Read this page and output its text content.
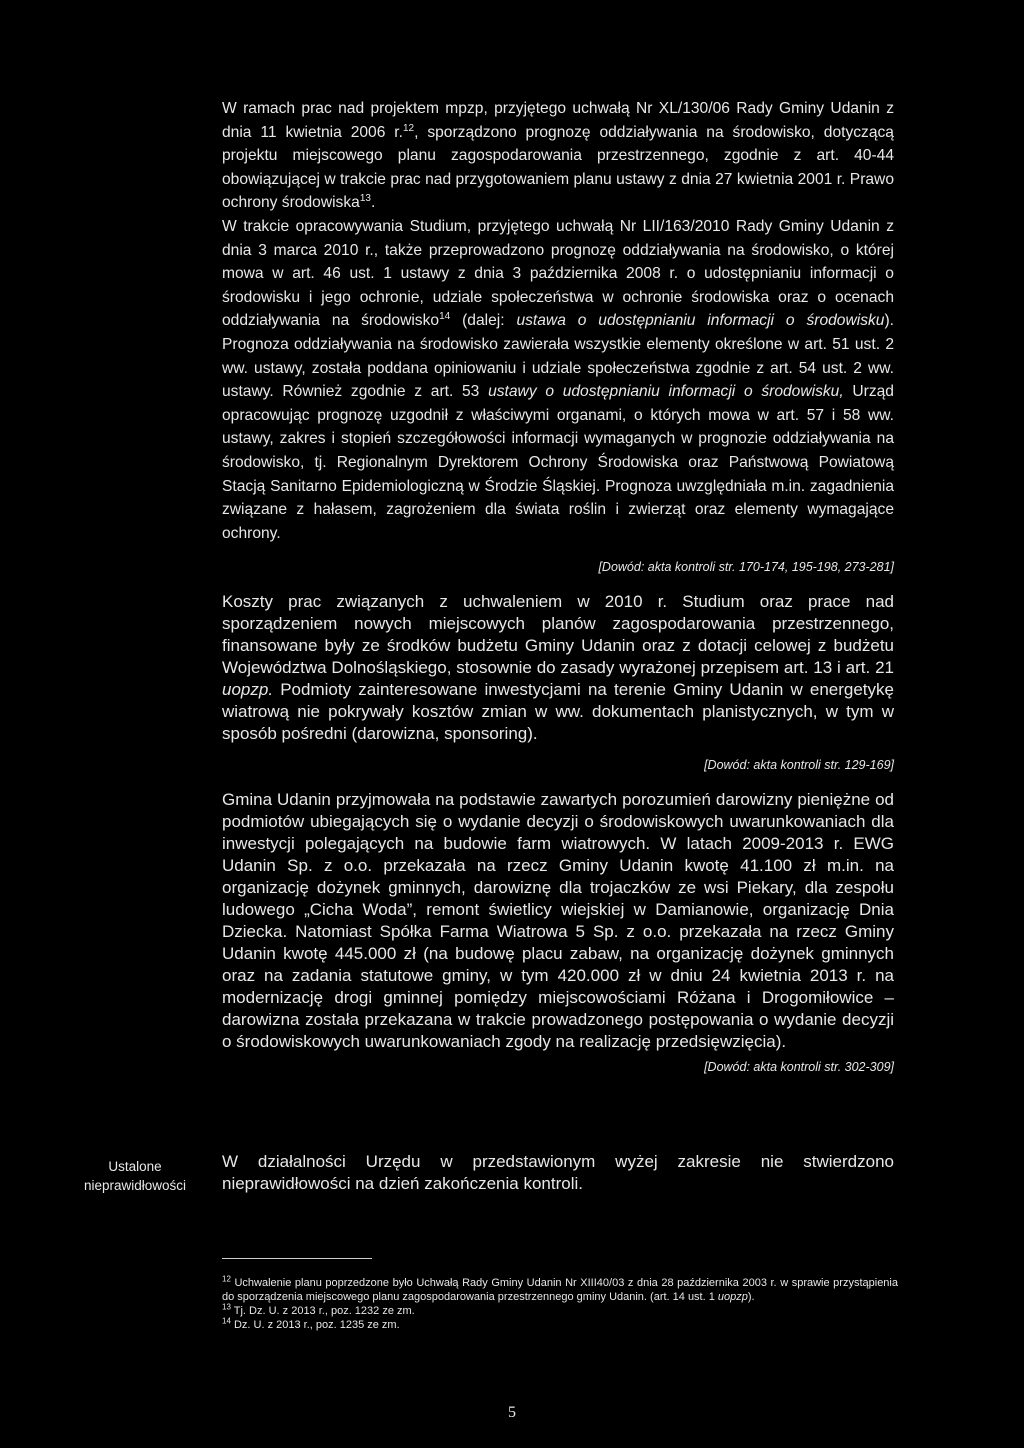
W ramach prac nad projektem mpzp, przyjętego uchwałą Nr XL/130/06 Rady Gminy Udanin z dnia 11 kwietnia 2006 r.$^{12}$, sporządzono prognozę oddziaływania na środowisko, dotyczącą projektu miejscowego planu zagospodarowania przestrzennego, zgodnie z art. 40-44 obowiązującej w trakcie prac nad przygotowaniem planu ustawy z dnia 27 kwietnia 2001 r. Prawo ochrony środowiska$^{13}$.

W trakcie opracowywania Studium, przyjętego uchwałą Nr LII/163/2010 Rady Gminy Udanin z dnia 3 marca 2010 r., także przeprowadzono prognozę oddziaływania na środowisko, o której mowa w art. 46 ust. 1 ustawy z dnia 3 października 2008 r. o udostępnianiu informacji o środowisku i jego ochronie, udziale społeczeństwa w ochronie środowiska oraz o ocenach oddziaływania na środowisko$^{14}$ (dalej: ustawa o udostępnianiu informacji o środowisku). Prognoza oddziaływania na środowisko zawierała wszystkie elementy określone w art. 51 ust. 2 ww. ustawy, została poddana opiniowaniu i udziale społeczeństwa zgodnie z art. 54 ust. 2 ww. ustawy. Również zgodnie z art. 53 ustawy o udostępnianiu informacji o środowisku, Urząd opracowując prognozę uzgodnił z właściwymi organami, o których mowa w art. 57 i 58 ww. ustawy, zakres i stopień szczegółowości informacji wymaganych w prognozie oddziaływania na środowisko, tj. Regionalnym Dyrektorem Ochrony Środowiska oraz Państwową Powiatową Stacją Sanitarno Epidemiologiczną w Środzie Śląskiej. Prognoza uwzględniała m.in. zagadnienia związane z hałasem, zagrożeniem dla świata roślin i zwierząt oraz elementy wymagające ochrony.

[Dowód: akta kontroli str. 170-174, 195-198, 273-281]

Koszty prac związanych z uchwaleniem w 2010 r. Studium oraz prace nad sporządzeniem nowych miejscowych planów zagospodarowania przestrzennego, finansowane były ze środków budżetu Gminy Udanin oraz z dotacji celowej z budżetu Województwa Dolnośląskiego, stosownie do zasady wyrażonej przepisem art. 13 i art. 21 uopzp. Podmioty zainteresowane inwestycjami na terenie Gminy Udanin w energetykę wiatrową nie pokrywały kosztów zmian w ww. dokumentach planistycznych, w tym w sposób pośredni (darowizna, sponsoring).

[Dowód: akta kontroli str. 129-169]

Gmina Udanin przyjmowała na podstawie zawartych porozumień darowizny pieniężne od podmiotów ubiegających się o wydanie decyzji o środowiskowych uwarunkowaniach dla inwestycji polegających na budowie farm wiatrowych. W latach 2009-2013 r. EWG Udanin Sp. z o.o. przekazała na rzecz Gminy Udanin kwotę 41.100 zł m.in. na organizację dożynek gminnych, darowiznę dla trojaczków ze wsi Piekary, dla zespołu ludowego „Cicha Woda”, remont świetlicy wiejskiej w Damianowie, organizację Dnia Dziecka. Natomiast Spółka Farma Wiatrowa 5 Sp. z o.o. przekazała na rzecz Gminy Udanin kwotę 445.000 zł (na budowę placu zabaw, na organizację dożynek gminnych oraz na zadania statutowe gminy, w tym 420.000 zł w dniu 24 kwietnia 2013 r. na modernizację drogi gminnej pomiędzy miejscowościami Różana i Drogomiłowice – darowizna została przekazana w trakcie prowadzonego postępowania o wydanie decyzji o środowiskowych uwarunkowaniach zgody na realizację przedsięwzięcia).

[Dowód: akta kontroli str. 302-309]

Ustalone nieprawidłowości

W działalności Urzędu w przedstawionym wyżej zakresie nie stwierdzono nieprawidłowości na dzień zakończenia kontroli.

$^{12}$ Uchwalenie planu poprzedzone było Uchwałą Rady Gminy Udanin Nr XIII40/03 z dnia 28 października 2003 r. w sprawie przystąpienia do sporządzenia miejscowego planu zagospodarowania przestrzennego gminy Udanin. (art. 14 ust. 1 uopzp).

$^{13}$ Tj. Dz. U. z 2013 r., poz. 1232 ze zm.

$^{14}$ Dz. U. z 2013 r., poz. 1235 ze zm.

5
